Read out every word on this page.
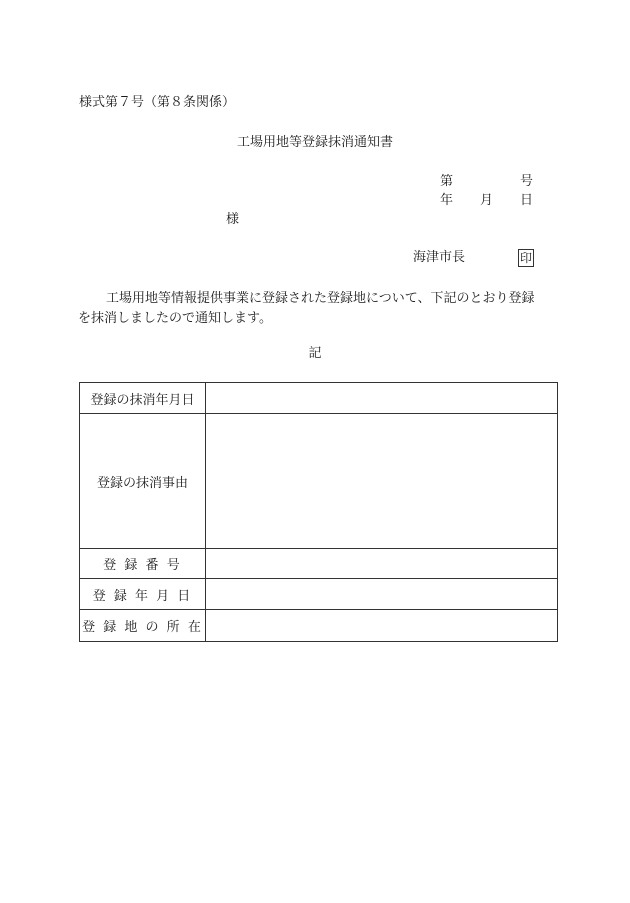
様式第７号（第８条関係）
工場用地等登録抹消通知書
第	号
年 月 日
様
海津市長	印
工場用地等情報提供事業に登録された登録地について、下記のとおり登録
を抹消しましたので通知します。
記
登録の抹消年月日	
登録の抹消事由	
登 録 番 号	
登 録 年 月 日	
登 録 地 の 所 在	
